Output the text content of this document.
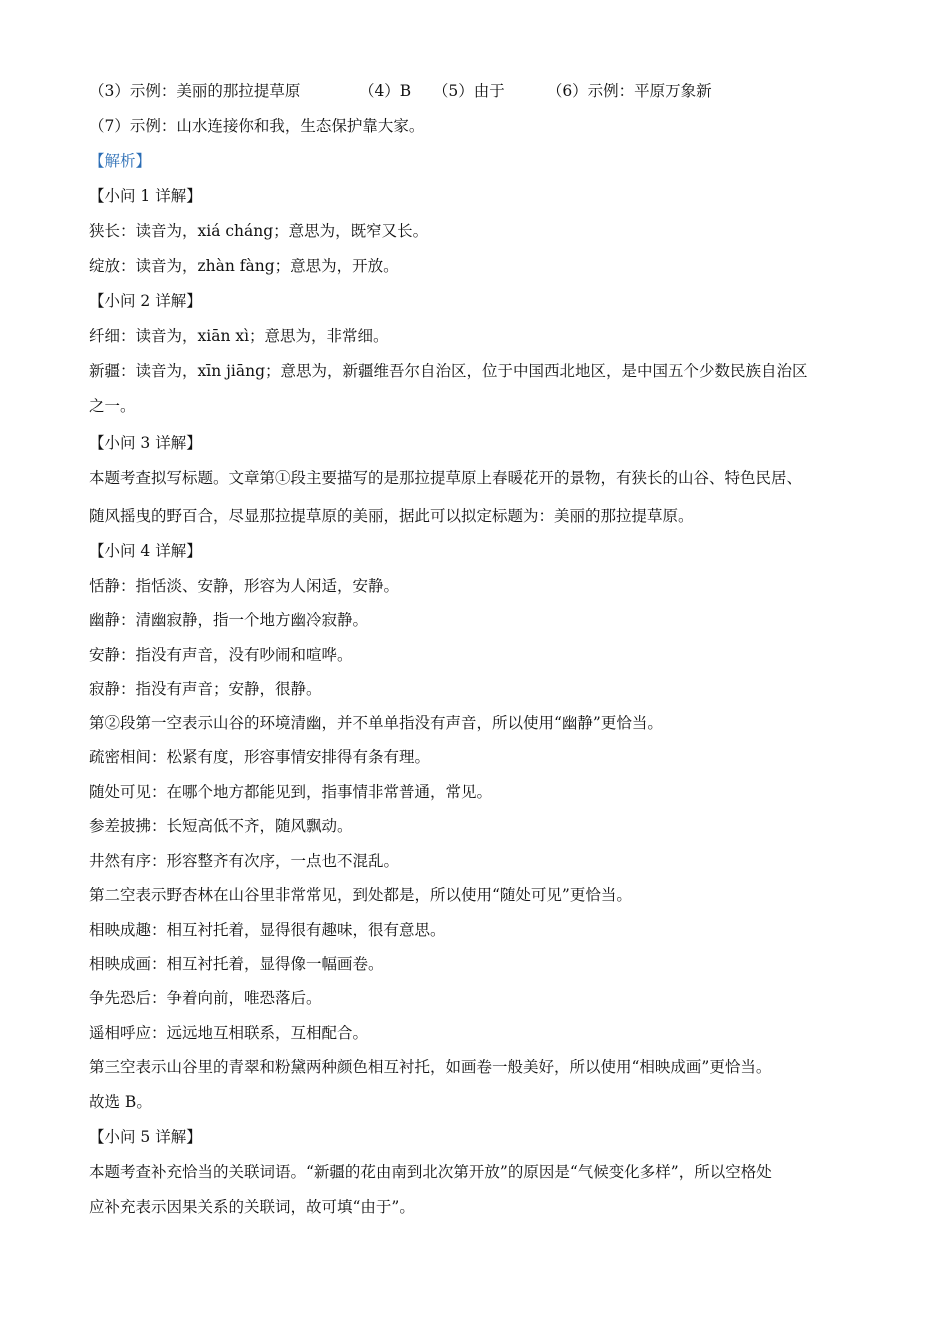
（3）示例：美丽的那拉提草原	（4）B （5）由于	（6）示例：平原万象新
（7）示例：山水连接你和我，生态保护靠大家。
【解析】
【小问 1 详解】
狭长：读音为，xiá cháng；意思为，既窄又长。
绽放：读音为，zhàn fàng；意思为，开放。
【小问 2 详解】
纤细：读音为，xiān xì；意思为，非常细。
新疆：读音为，xīn jiāng；意思为，新疆维吾尔自治区，位于中国西北地区，是中国五个少数民族自治区
之一。
【小问 3 详解】
本题考查拟写标题。文章第①段主要描写的是那拉提草原上春暖花开的景物，有狭长的山谷、特色民居、
随风摇曳的野百合，尽显那拉提草原的美丽，据此可以拟定标题为：美丽的那拉提草原。
【小问 4 详解】
恬静：指恬淡、安静，形容为人闲适，安静。
幽静：清幽寂静，指一个地方幽冷寂静。
安静：指没有声音，没有吵闹和喧哗。
寂静：指没有声音；安静，很静。
第②段第一空表示山谷的环境清幽，并不单单指没有声音，所以使用“幽静”更恰当。
疏密相间：松紧有度，形容事情安排得有条有理。
随处可见：在哪个地方都能见到，指事情非常普通，常见。
参差披拂：长短高低不齐，随风飘动。
井然有序：形容整齐有次序，一点也不混乱。
第二空表示野杏林在山谷里非常常见，到处都是，所以使用“随处可见”更恰当。
相映成趣：相互衬托着，显得很有趣味，很有意思。
相映成画：相互衬托着，显得像一幅画卷。
争先恐后：争着向前，唯恐落后。
遥相呼应：远远地互相联系，互相配合。
第三空表示山谷里的青翠和粉黛两种颜色相互衬托，如画卷一般美好，所以使用“相映成画”更恰当。
故选 B。
【小问 5 详解】
本题考查补充恰当的关联词语。“新疆的花由南到北次第开放”的原因是“气候变化多样”，所以空格处
应补充表示因果关系的关联词，故可填“由于”。
